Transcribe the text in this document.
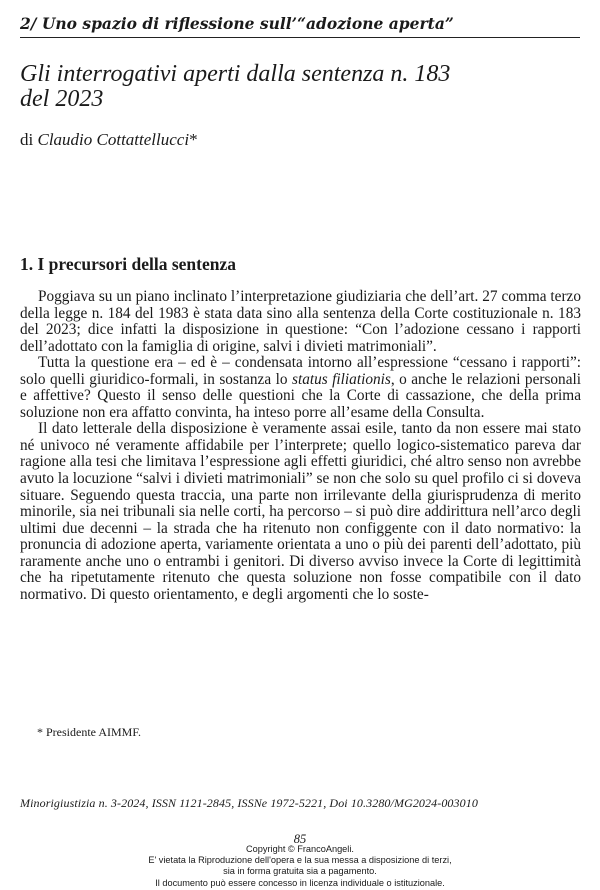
2/ Uno spazio di riflessione sull’“adozione aperta”
Gli interrogativi aperti dalla sentenza n. 183
del 2023
di Claudio Cottattellucci*
1. I precursori della sentenza

Poggiava su un piano inclinato l’interpretazione giudiziaria che dell’art. 27 comma terzo della legge n. 184 del 1983 è stata data sino alla sentenza della Corte costituzionale n. 183 del 2023; dice infatti la disposizione in questione: “Con l’adozione cessano i rapporti dell’adottato con la famiglia di origine, salvi i divieti matrimoniali”.

Tutta la questione era – ed è – condensata intorno all’espressione “cessano i rapporti”: solo quelli giuridico-formali, in sostanza lo status filiationis, o anche le relazioni personali e affettive? Questo il senso delle questioni che la Corte di cassazione, che della prima soluzione non era affatto convinta, ha inteso porre all’esame della Consulta.

Il dato letterale della disposizione è veramente assai esile, tanto da non essere mai stato né univoco né veramente affidabile per l’interprete; quello logico-sistematico pareva dar ragione alla tesi che limitava l’espressione agli effetti giuridici, ché altro senso non avrebbe avuto la locuzione “salvi i divieti matrimoniali” se non che solo su quel profilo ci si doveva situare. Seguendo questa traccia, una parte non irrilevante della giurisprudenza di merito minorile, sia nei tribunali sia nelle corti, ha percorso – si può dire addirittura nell’arco degli ultimi due decenni – la strada che ha ritenuto non configgente con il dato normativo: la pronuncia di adozione aperta, variamente orientata a uno o più dei parenti dell’adottato, più raramente anche uno o entrambi i genitori. Di diverso avviso invece la Corte di legittimità che ha ripetutamente ritenuto che questa soluzione non fosse compatibile con il dato normativo. Di questo orientamento, e degli argomenti che lo soste-

* Presidente AIMMF.
Minorigiustizia n. 3-2024, ISSN 1121-2845, ISSNe 1972-5221, Doi 10.3280/MG2024-003010
85
Copyright © FrancoAngeli.
E' vietata la Riproduzione dell'opera e la sua messa a disposizione di terzi,
sia in forma gratuita sia a pagamento.
Il documento può essere concesso in licenza individuale o istituzionale.
